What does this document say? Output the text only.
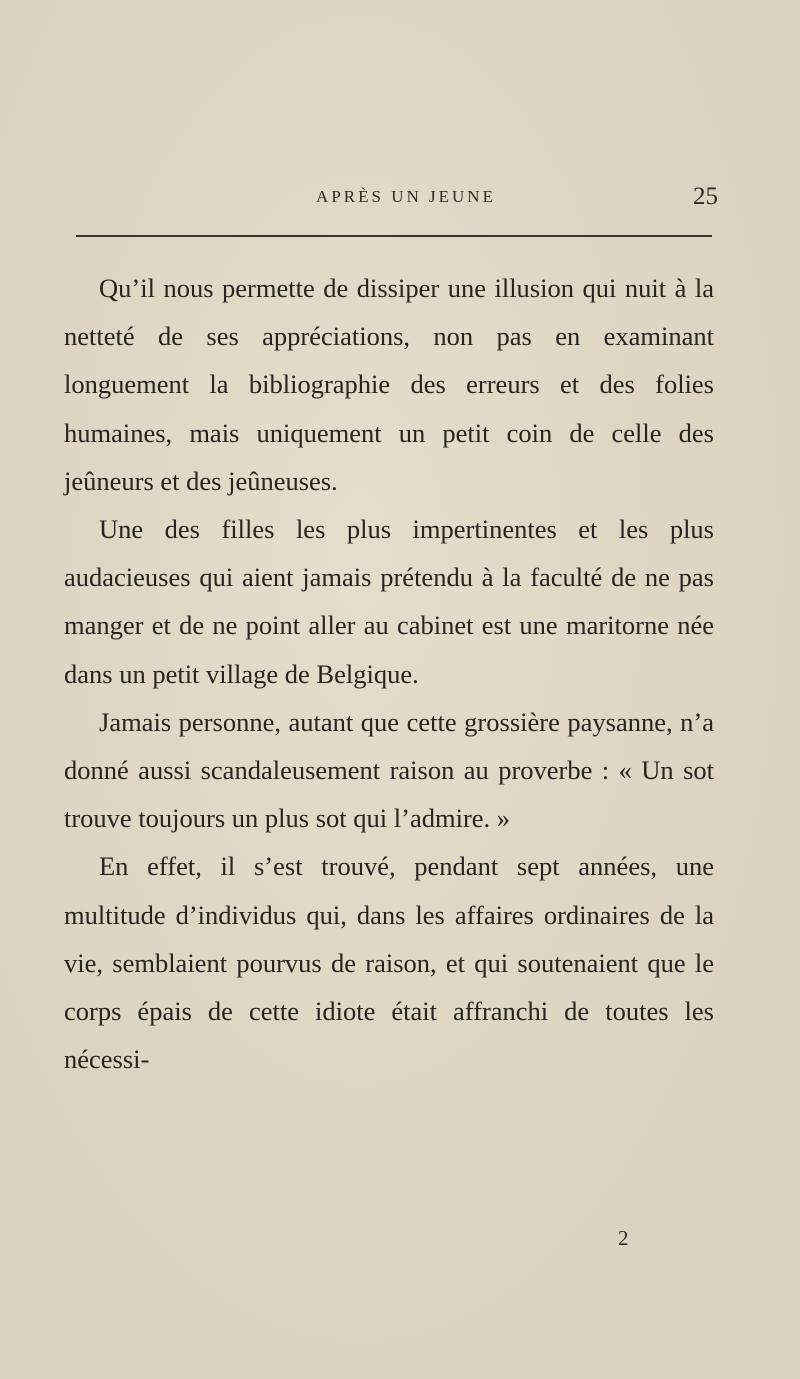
APRÈS UN JEUNE	25

Qu’il nous permette de dissiper une illusion qui nuit à la netteté de ses appréciations, non pas en examinant longuement la bibliographie des erreurs et des folies humaines, mais uniquement un petit coin de celle des jeûneurs et des jeûneuses.

Une des filles les plus impertinentes et les plus audacieuses qui aient jamais prétendu à la faculté de ne pas manger et de ne point aller au cabinet est une maritorne née dans un petit village de Belgique.

Jamais personne, autant que cette grossière paysanne, n’a donné aussi scandaleusement raison au proverbe : « Un sot trouve toujours un plus sot qui l’admire. »

En effet, il s’est trouvé, pendant sept années, une multitude d’individus qui, dans les affaires ordinaires de la vie, semblaient pourvus de raison, et qui soutenaient que le corps épais de cette idiote était affranchi de toutes les nécessi-

2
